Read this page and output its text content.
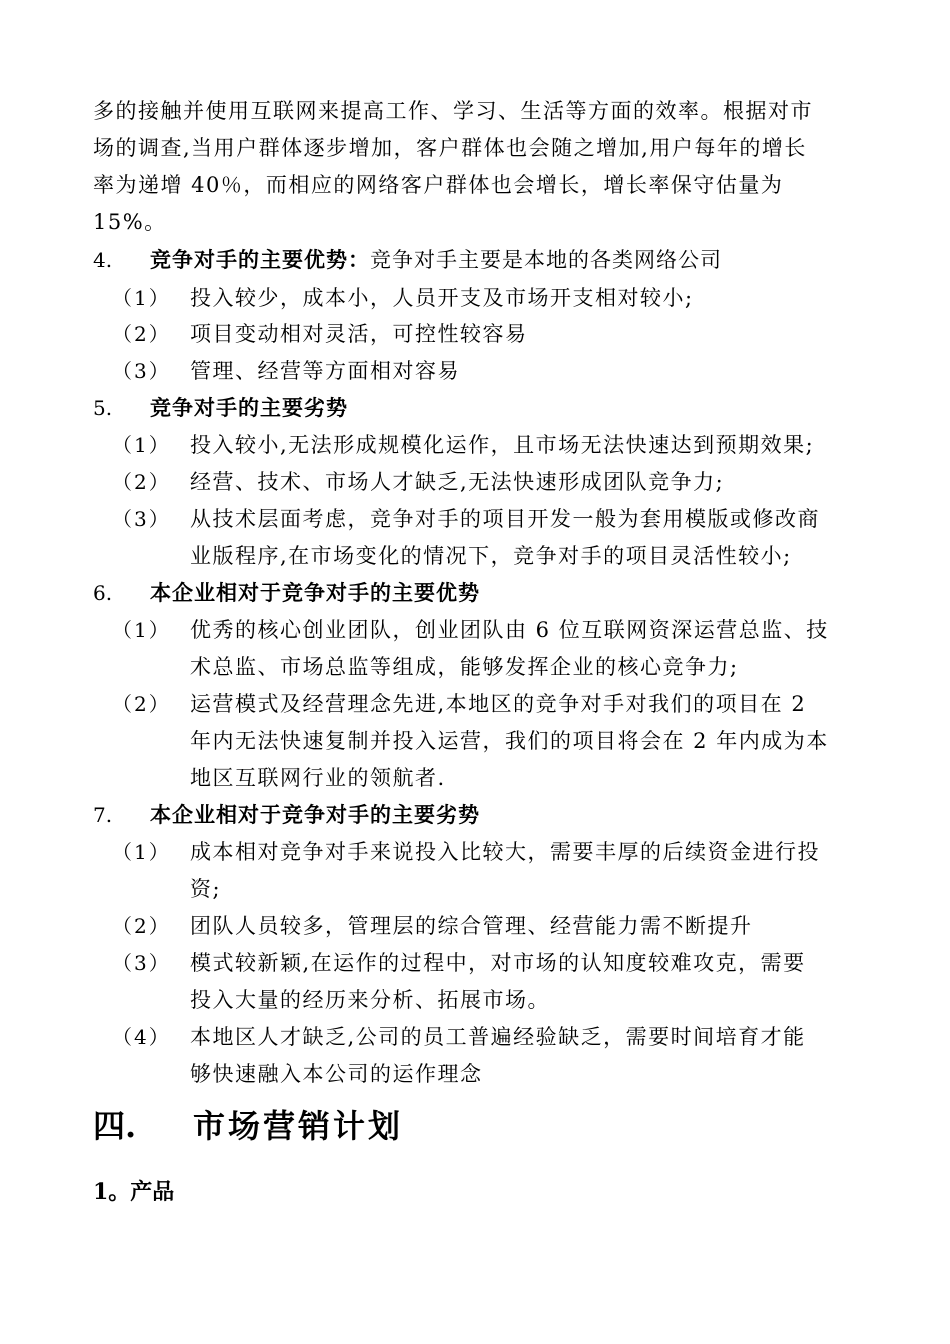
多的接触并使用互联网来提高工作、学习、生活等方面的效率。根据对市
场的调查,当用户群体逐步增加，客户群体也会随之增加,用户每年的增长
率为递增 40％，而相应的网络客户群体也会增长，增长率保守估量为
15%。
4. 竞争对手的主要优势：竞争对手主要是本地的各类网络公司
（1） 投入较少，成本小，人员开支及市场开支相对较小;
（2） 项目变动相对灵活，可控性较容易
（3） 管理、经营等方面相对容易
5. 竞争对手的主要劣势
（1） 投入较小,无法形成规模化运作，且市场无法快速达到预期效果;
（2） 经营、技术、市场人才缺乏,无法快速形成团队竞争力;
（3） 从技术层面考虑，竞争对手的项目开发一般为套用模版或修改商
业版程序,在市场变化的情况下，竞争对手的项目灵活性较小;
6. 本企业相对于竞争对手的主要优势
（1） 优秀的核心创业团队，创业团队由 6 位互联网资深运营总监、技
术总监、市场总监等组成，能够发挥企业的核心竞争力;
（2） 运营模式及经营理念先进,本地区的竞争对手对我们的项目在 2
年内无法快速复制并投入运营，我们的项目将会在 2 年内成为本
地区互联网行业的领航者.
7. 本企业相对于竞争对手的主要劣势
（1） 成本相对竞争对手来说投入比较大，需要丰厚的后续资金进行投
资;
（2） 团队人员较多，管理层的综合管理、经营能力需不断提升
（3） 模式较新颖,在运作的过程中，对市场的认知度较难攻克，需要
投入大量的经历来分析、拓展市场。
（4） 本地区人才缺乏,公司的员工普遍经验缺乏，需要时间培育才能
够快速融入本公司的运作理念
四. 市场营销计划
1。产品
